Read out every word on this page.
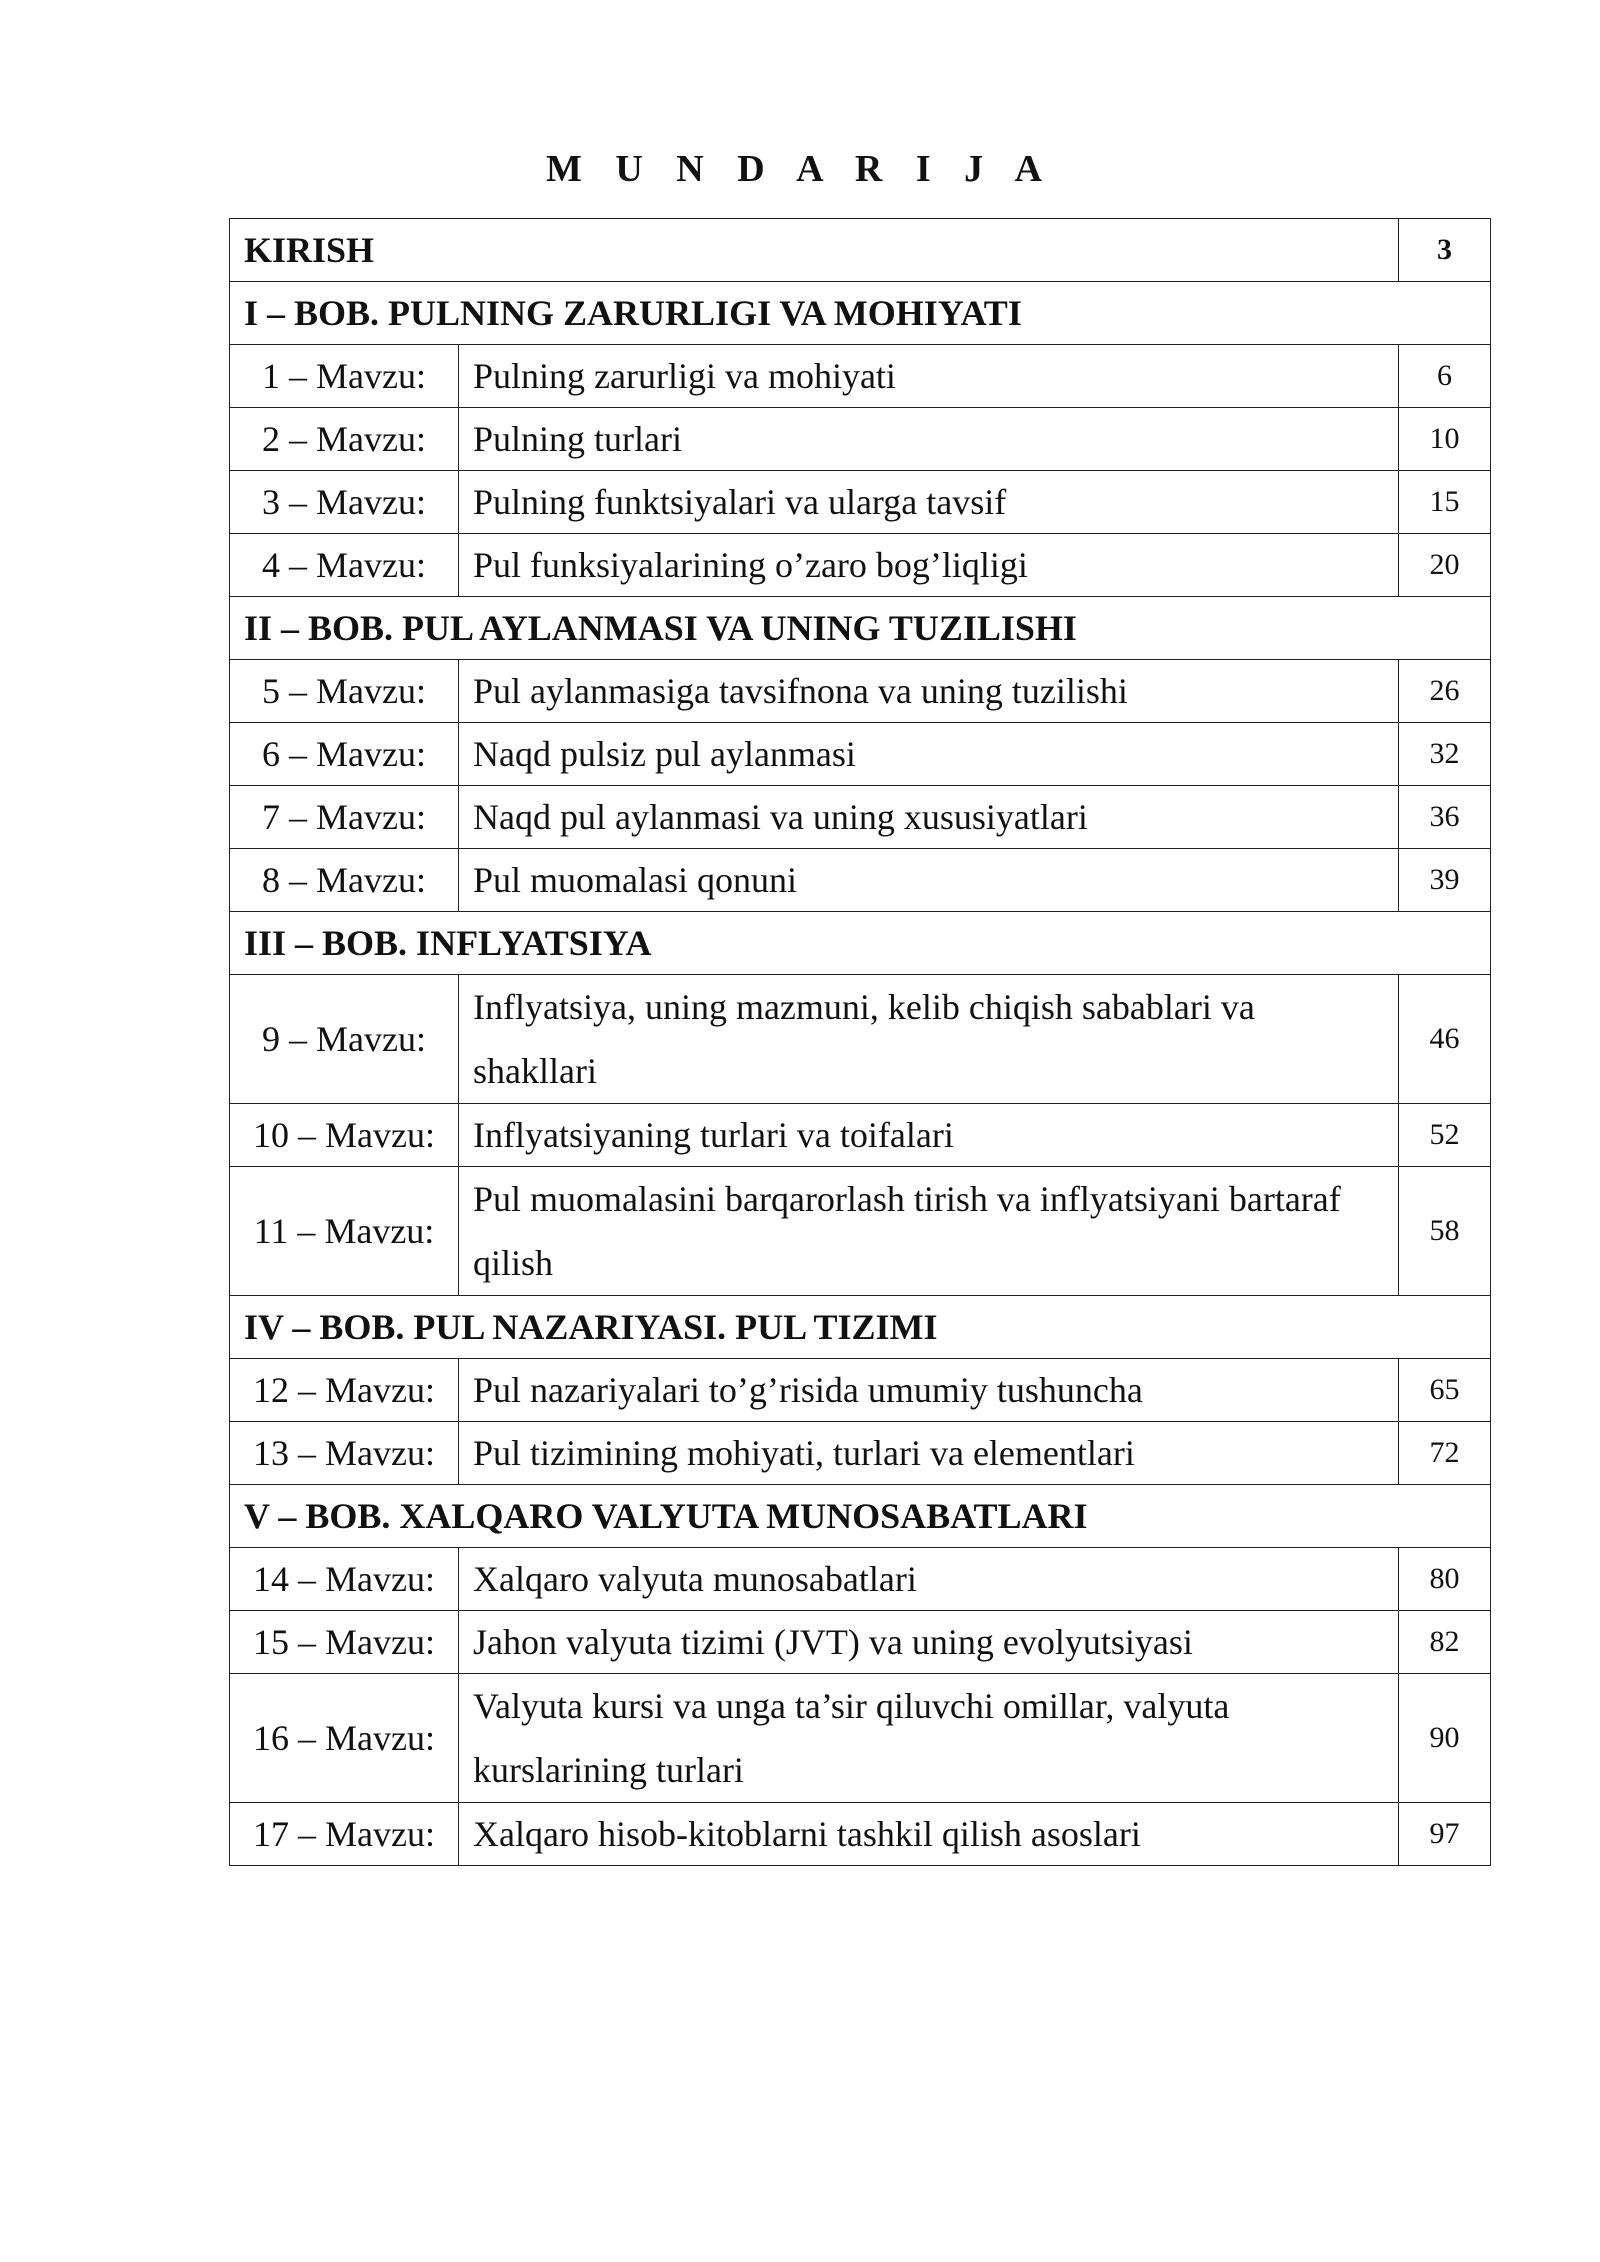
M U N D A R I J A
KIRISH		3
I – BOB. PULNING ZARURLIGI VA MOHIYATI		
1 – Mavzu:	Pulning zarurligi va mohiyati	6
2 – Mavzu:	Pulning turlari	10
3 – Mavzu:	Pulning funktsiyalari va ularga tavsif	15
4 – Mavzu:	Pul funksiyalarining o’zaro bog’liqligi	20
II – BOB. PUL AYLANMASI VA UNING TUZILISHI		
5 – Mavzu:	Pul aylanmasiga tavsifnona va uning tuzilishi	26
6 – Mavzu:	Naqd pulsiz pul aylanmasi	32
7 – Mavzu:	Naqd pul aylanmasi va uning xususiyatlari	36
8 – Mavzu:	Pul muomalasi qonuni	39
III – BOB. INFLYATSIYA		
9 – Mavzu:	Inflyatsiya, uning mazmuni, kelib chiqish sabablari va shakllari	46
10 – Mavzu:	Inflyatsiyaning turlari va toifalari	52
11 – Mavzu:	Pul muomalasini barqarorlash tirish va inflyatsiyani bartaraf qilish	58
IV – BOB. PUL NAZARIYASI. PUL TIZIMI		
12 – Mavzu:	Pul nazariyalari to’g’risida umumiy tushuncha	65
13 – Mavzu:	Pul tizimining mohiyati, turlari va elementlari	72
V – BOB. XALQARO VALYUTA MUNOSABATLARI		
14 – Mavzu:	Xalqaro valyuta munosabatlari	80
15 – Mavzu:	Jahon valyuta tizimi (JVT) va uning evolyutsiyasi	82
16 – Mavzu:	Valyuta kursi va unga ta’sir qiluvchi omillar, valyuta kurslarining turlari	90
17 – Mavzu:	Xalqaro hisob-kitoblarni tashkil qilish asoslari	97
